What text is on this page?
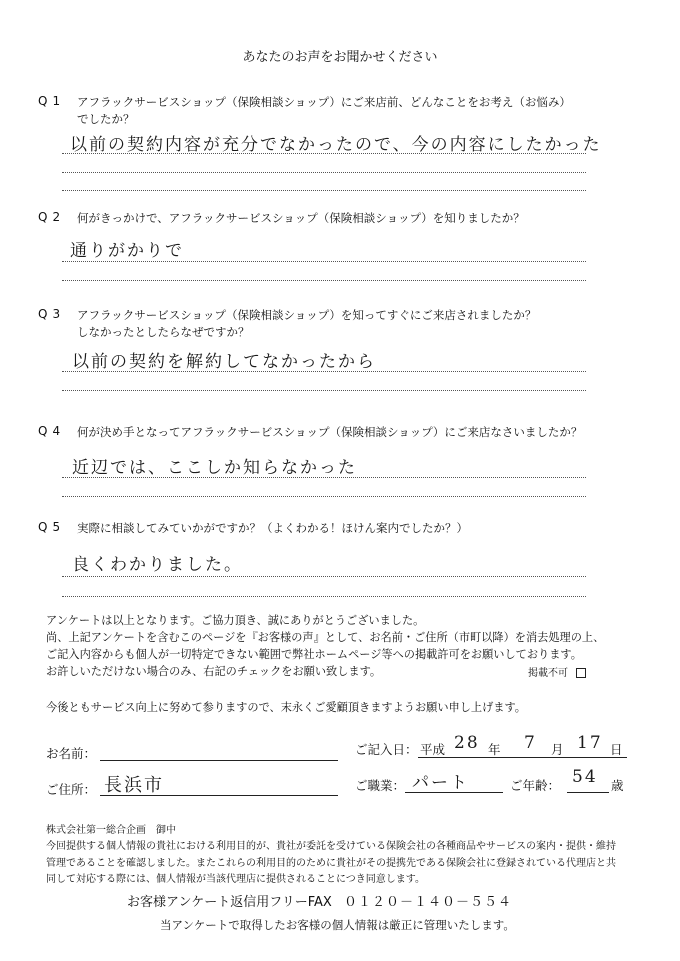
あなたのお声をお聞かせください
Q1 アフラックサービスショップ（保険相談ショップ）にご来店前、どんなことをお考え（お悩み）
でしたか？
以前の契約内容が充分でなかったので、今の内容にしたかった
Q2 何がきっかけで、アフラックサービスショップ（保険相談ショップ）を知りましたか？
通りがかりで
Q3 アフラックサービスショップ（保険相談ショップ）を知ってすぐにご来店されましたか？
しなかったとしたらなぜですか？
以前の契約を解約してなかったから
Q4 何が決め手となってアフラックサービスショップ（保険相談ショップ）にご来店なさいましたか？
近辺では、ここしか知らなかった
Q5 実際に相談してみていかがですか？（よくわかる！ほけん案内でしたか？）
良くわかりました。
アンケートは以上となります。ご協力頂き、誠にありがとうございました。
尚、上記アンケートを含むこのページを『お客様の声』として、お名前・ご住所（市町以降）を消去処理の上、
ご記入内容からも個人が一切特定できない範囲で弊社ホームページ等への掲載許可をお願いしております。
お許しいただけない場合のみ、右記のチェックをお願い致します。	掲載不可
今後ともサービス向上に努めて参りますので、末永くご愛顧頂きますようお願い申し上げます。
お名前：	ご記入日： 平成 28 年 7 月 17 日
ご住所： 長浜市	ご職業： パート	ご年齢： 54 歳
株式会社第一総合企画　御中
今回提供する個人情報の貴社における利用目的が、貴社が委託を受けている保険会社の各種商品やサービスの案内・提供・維持
管理であることを確認しました。またこれらの利用目的のために貴社がその提携先である保険会社に登録されている代理店と共
同して対応する際には、個人情報が当該代理店に提供されることにつき同意します。
お客様アンケート返信用フリーFAX ０１２０－１４０－５５４
当アンケートで取得したお客様の個人情報は厳正に管理いたします。
